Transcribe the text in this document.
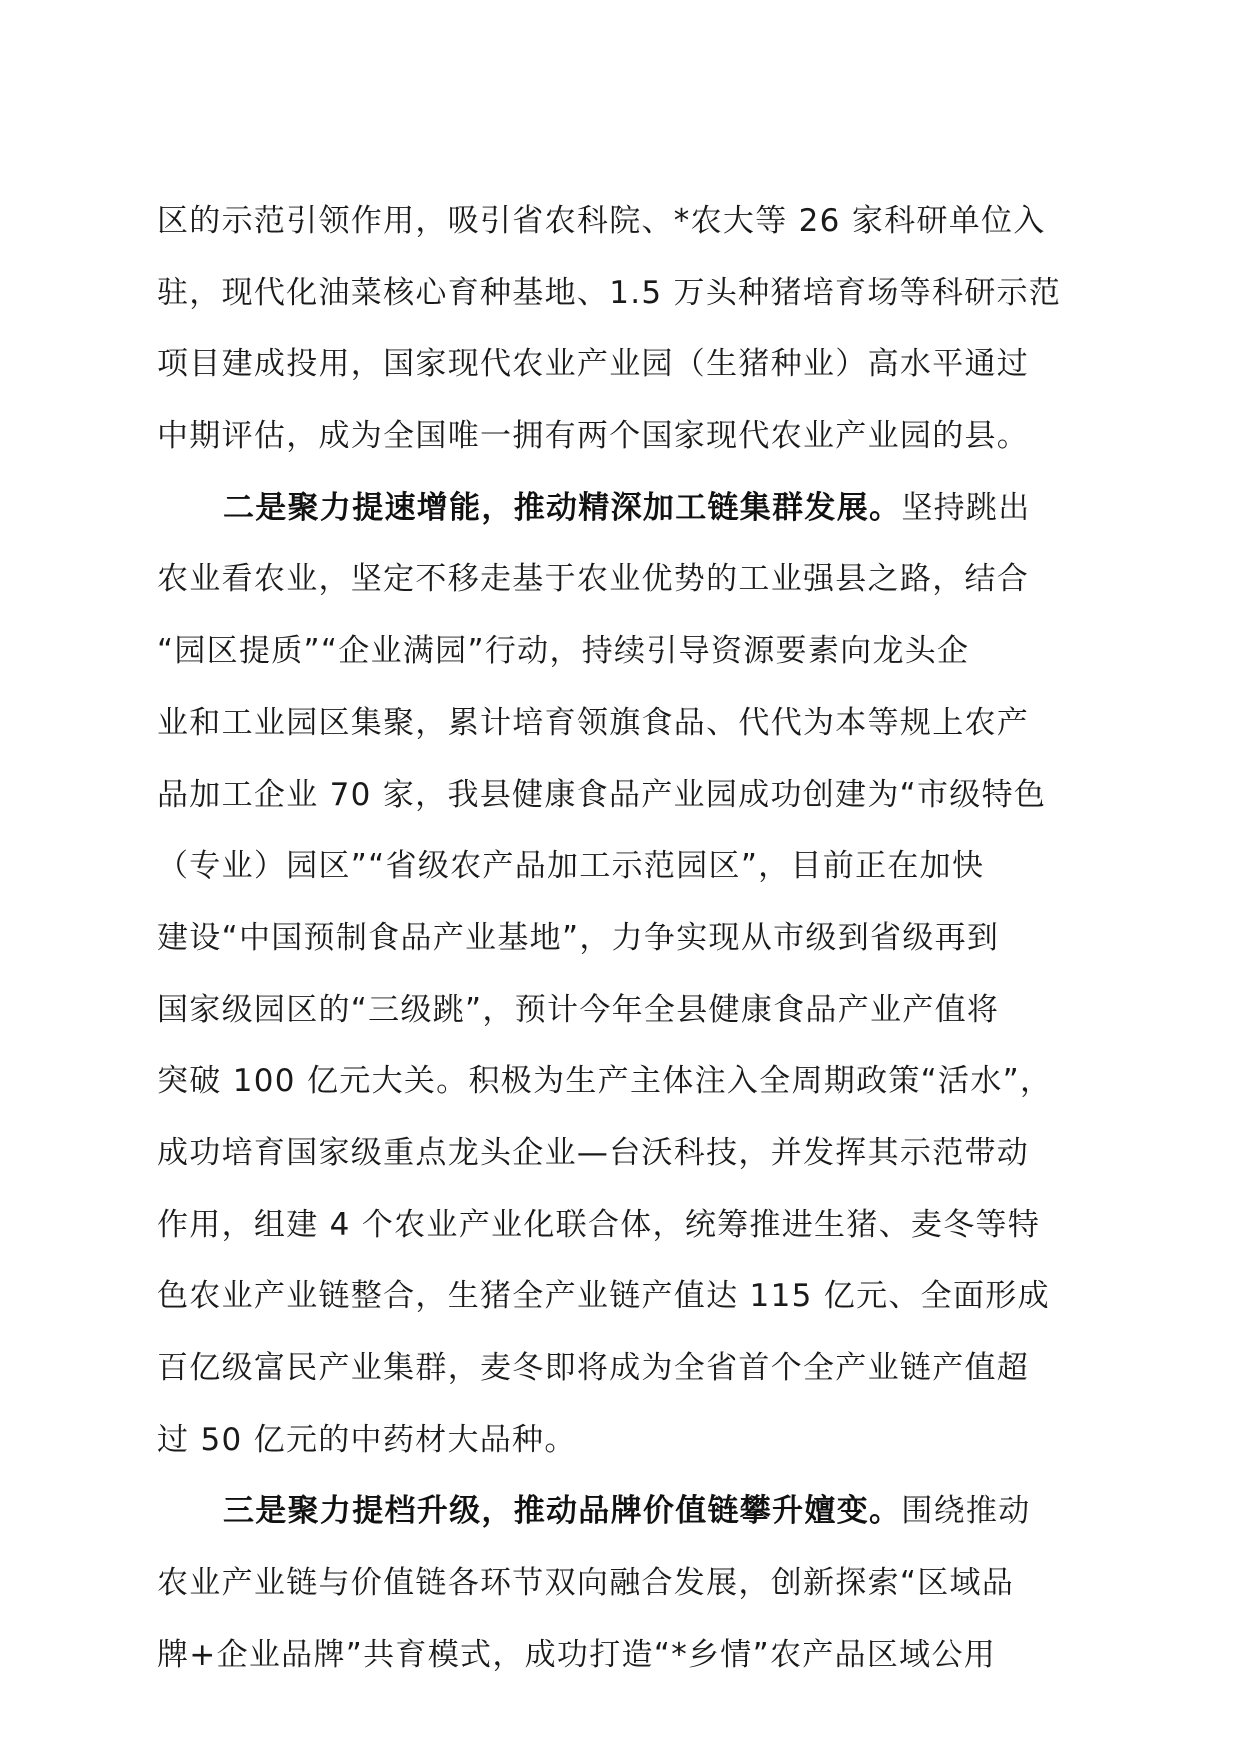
区的示范引领作用，吸引省农科院、*农大等 26 家科研单位入
驻，现代化油菜核心育种基地、1.5 万头种猪培育场等科研示范
项目建成投用，国家现代农业产业园（生猪种业）高水平通过
中期评估，成为全国唯一拥有两个国家现代农业产业园的县。
二是聚力提速增能，推动精深加工链集群发展。坚持跳出
农业看农业，坚定不移走基于农业优势的工业强县之路，结合
“园区提质”“企业满园”行动，持续引导资源要素向龙头企
业和工业园区集聚，累计培育领旗食品、代代为本等规上农产
品加工企业 70 家，我县健康食品产业园成功创建为“市级特色
（专业）园区”“省级农产品加工示范园区”，目前正在加快
建设“中国预制食品产业基地”，力争实现从市级到省级再到
国家级园区的“三级跳”，预计今年全县健康食品产业产值将
突破 100 亿元大关。积极为生产主体注入全周期政策“活水”，
成功培育国家级重点龙头企业—台沃科技，并发挥其示范带动
作用，组建 4 个农业产业化联合体，统筹推进生猪、麦冬等特
色农业产业链整合，生猪全产业链产值达 115 亿元、全面形成
百亿级富民产业集群，麦冬即将成为全省首个全产业链产值超
过 50 亿元的中药材大品种。
三是聚力提档升级，推动品牌价值链攀升嬗变。围绕推动
农业产业链与价值链各环节双向融合发展，创新探索“区域品
牌+企业品牌”共育模式，成功打造“*乡情”农产品区域公用
